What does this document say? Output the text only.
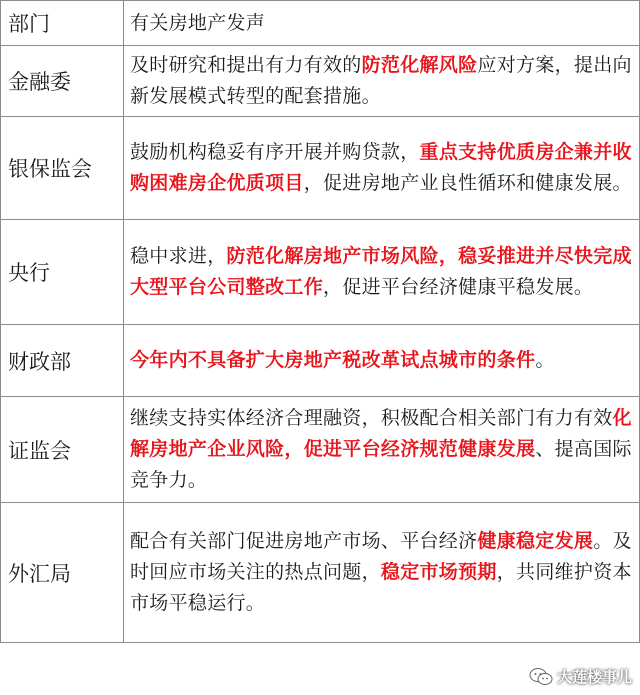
部门	有关房地产发声
金融委	及时研究和提出有力有效的防范化解风险应对方案，提出向新发展模式转型的配套措施。
银保监会	鼓励机构稳妥有序开展并购贷款，重点支持优质房企兼并收购困难房企优质项目，促进房地产业良性循环和健康发展。
央行	稳中求进，防范化解房地产市场风险，稳妥推进并尽快完成大型平台公司整改工作，促进平台经济健康平稳发展。
财政部	今年内不具备扩大房地产税改革试点城市的条件。
证监会	继续支持实体经济合理融资，积极配合相关部门有力有效化解房地产企业风险，促进平台经济规范健康发展、提高国际竞争力。
外汇局	配合有关部门促进房地产市场、平台经济健康稳定发展。及时回应市场关注的热点问题，稳定市场预期，共同维护资本市场平稳运行。
大莲楼事儿
